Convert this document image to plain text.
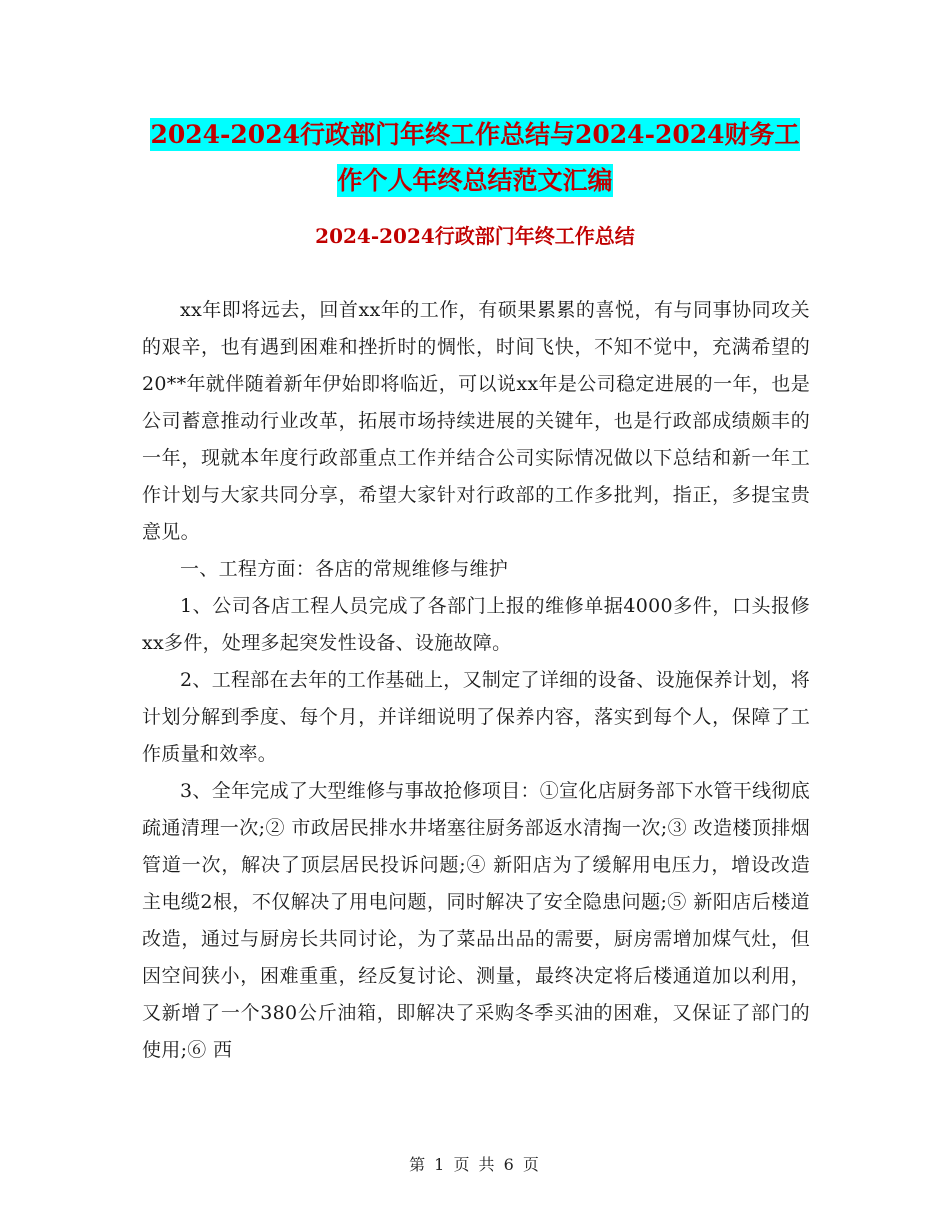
2024-2024行政部门年终工作总结与2024-2024财务工
作个人年终总结范文汇编
2024-2024行政部门年终工作总结

xx年即将远去，回首xx年的工作，有硕果累累的喜悦，有与同事协同攻关的艰辛，也有遇到困难和挫折时的惆怅，时间飞快，不知不觉中，充满希望的20**年就伴随着新年伊始即将临近，可以说xx年是公司稳定进展的一年，也是公司蓄意推动行业改革，拓展市场持续进展的关键年，也是行政部成绩颇丰的一年，现就本年度行政部重点工作并结合公司实际情况做以下总结和新一年工作计划与大家共同分享，希望大家针对行政部的工作多批判，指正，多提宝贵意见。

一、工程方面：各店的常规维修与维护

1、公司各店工程人员完成了各部门上报的维修单据4000多件，口头报修xx多件，处理多起突发性设备、设施故障。

2、工程部在去年的工作基础上，又制定了详细的设备、设施保养计划，将计划分解到季度、每个月，并详细说明了保养内容，落实到每个人，保障了工作质量和效率。

3、全年完成了大型维修与事故抢修项目：①宣化店厨务部下水管干线彻底疏通清理一次;② 市政居民排水井堵塞往厨务部返水清掏一次;③ 改造楼顶排烟管道一次，解决了顶层居民投诉问题;④ 新阳店为了缓解用电压力，增设改造主电缆2根，不仅解决了用电问题，同时解决了安全隐患问题;⑤ 新阳店后楼道改造，通过与厨房长共同讨论，为了菜品出品的需要，厨房需增加煤气灶，但因空间狭小，困难重重，经反复讨论、测量，最终决定将后楼通道加以利用，又新增了一个380公斤油箱，即解决了采购冬季买油的困难，又保证了部门的使用;⑥ 西

第 1 页 共 6 页
